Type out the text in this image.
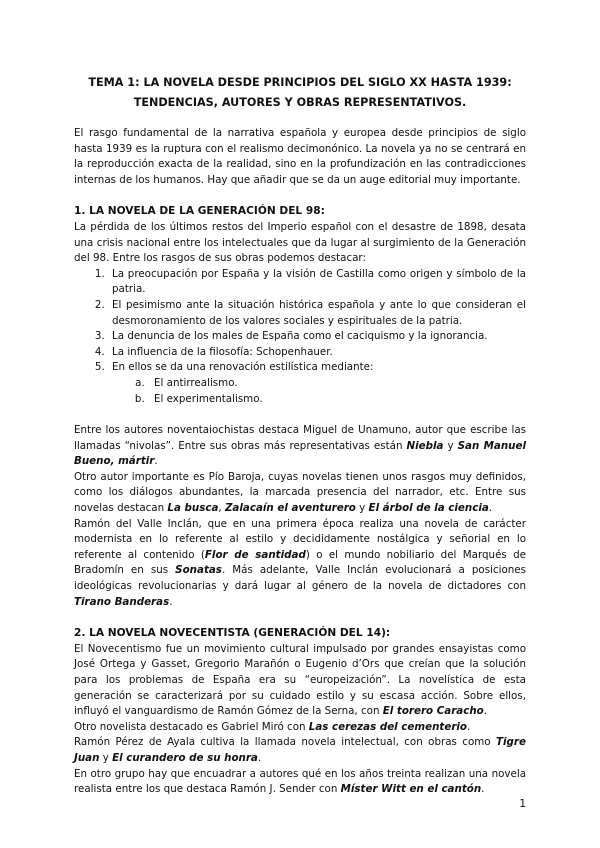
TEMA 1: LA NOVELA DESDE PRINCIPIOS DEL SIGLO XX HASTA 1939:
TENDENCIAS, AUTORES Y OBRAS REPRESENTATIVOS.

El rasgo fundamental de la narrativa española y europea desde principios de siglo hasta 1939 es la ruptura con el realismo decimonónico. La novela ya no se centrará en la reproducción exacta de la realidad, sino en la profundización en las contradicciones internas de los humanos. Hay que añadir que se da un auge editorial muy importante.

1. LA NOVELA DE LA GENERACIÓN DEL 98:

La pérdida de los últimos restos del Imperio español con el desastre de 1898, desata una crisis nacional entre los intelectuales que da lugar al surgimiento de la Generación del 98. Entre los rasgos de sus obras podemos destacar:

1. La preocupación por España y la visión de Castilla como origen y símbolo de la patria.
2. El pesimismo ante la situación histórica española y ante lo que consideran el desmoronamiento de los valores sociales y espirituales de la patria.
3. La denuncia de los males de España como el caciquismo y la ignorancia.
4. La influencia de la filosofía: Schopenhauer.
5. En ellos se da una renovación estilística mediante:
a. El antirrealismo.
b. El experimentalismo.

Entre los autores noventaiochistas destaca Miguel de Unamuno, autor que escribe las llamadas “nivolas”. Entre sus obras más representativas están Niebla y San Manuel Bueno, mártir.

Otro autor importante es Pío Baroja, cuyas novelas tienen unos rasgos muy definidos, como los diálogos abundantes, la marcada presencia del narrador, etc. Entre sus novelas destacan La busca, Zalacaín el aventurero y El árbol de la ciencia.

Ramón del Valle Inclán, que en una primera época realiza una novela de carácter modernista en lo referente al estilo y decididamente nostálgica y señorial en lo referente al contenido (Flor de santidad) o el mundo nobiliario del Marqués de Bradomín en sus Sonatas. Más adelante, Valle Inclán evolucionará a posiciones ideológicas revolucionarias y dará lugar al género de la novela de dictadores con Tirano Banderas.

2. LA NOVELA NOVECENTISTA (GENERACIÓN DEL 14):

El Novecentismo fue un movimiento cultural impulsado por grandes ensayistas como José Ortega y Gasset, Gregorio Marañón o Eugenio d’Ors que creían que la solución para los problemas de España era su “europeización”. La novelística de esta generación se caracterizará por su cuidado estilo y su escasa acción. Sobre ellos, influyó el vanguardismo de Ramón Gómez de la Serna, con El torero Caracho.

Otro novelista destacado es Gabriel Miró con Las cerezas del cementerio.

Ramón Pérez de Ayala cultiva la llamada novela intelectual, con obras como Tigre Juan y El curandero de su honra.

En otro grupo hay que encuadrar a autores qué en los años treinta realizan una novela realista entre los que destaca Ramón J. Sender con Míster Witt en el cantón.

1
